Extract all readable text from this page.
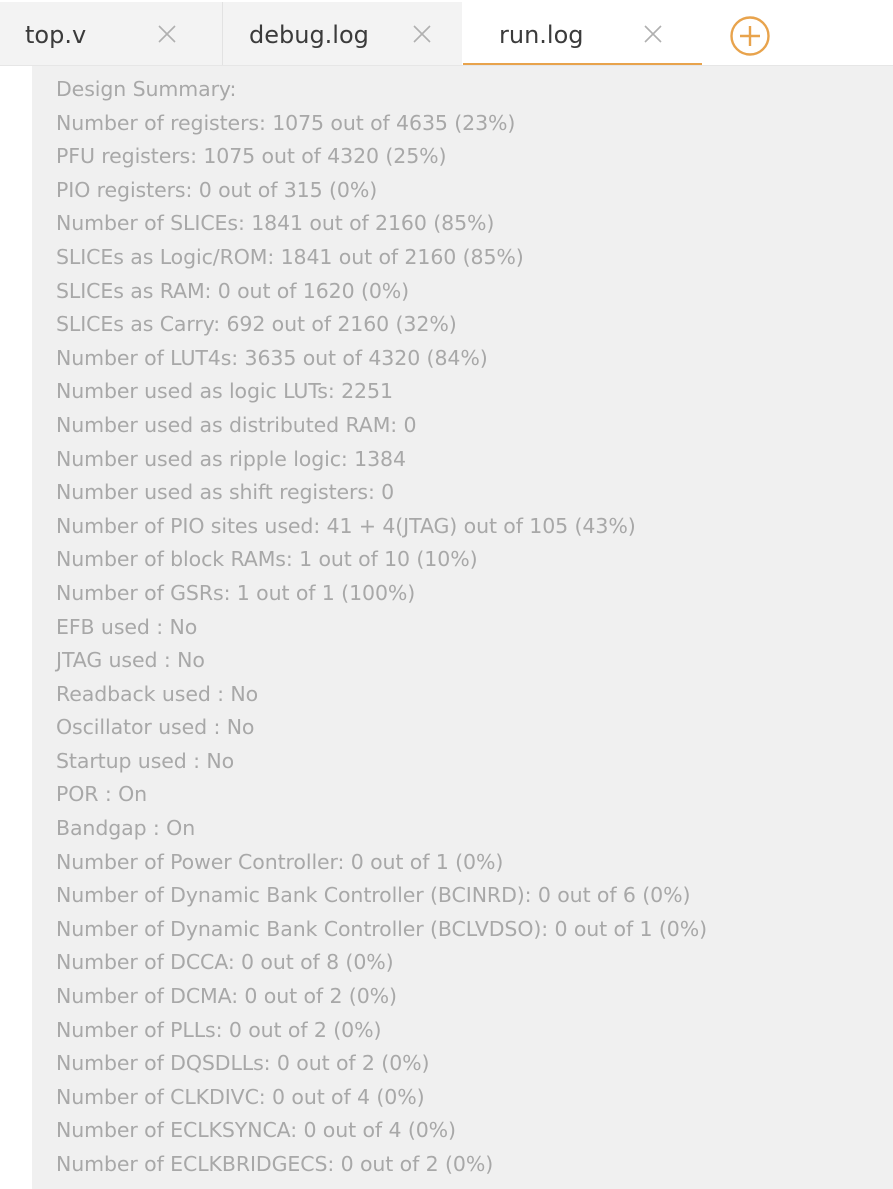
top.v	debug.log	run.log
Design Summary:
Number of registers: 1075 out of 4635 (23%)
PFU registers: 1075 out of 4320 (25%)
PIO registers: 0 out of 315 (0%)
Number of SLICEs: 1841 out of 2160 (85%)
SLICEs as Logic/ROM: 1841 out of 2160 (85%)
SLICEs as RAM: 0 out of 1620 (0%)
SLICEs as Carry: 692 out of 2160 (32%)
Number of LUT4s: 3635 out of 4320 (84%)
Number used as logic LUTs: 2251
Number used as distributed RAM: 0
Number used as ripple logic: 1384
Number used as shift registers: 0
Number of PIO sites used: 41 + 4(JTAG) out of 105 (43%)
Number of block RAMs: 1 out of 10 (10%)
Number of GSRs: 1 out of 1 (100%)
EFB used : No
JTAG used : No
Readback used : No
Oscillator used : No
Startup used : No
POR : On
Bandgap : On
Number of Power Controller: 0 out of 1 (0%)
Number of Dynamic Bank Controller (BCINRD): 0 out of 6 (0%)
Number of Dynamic Bank Controller (BCLVDSO): 0 out of 1 (0%)
Number of DCCA: 0 out of 8 (0%)
Number of DCMA: 0 out of 2 (0%)
Number of PLLs: 0 out of 2 (0%)
Number of DQSDLLs: 0 out of 2 (0%)
Number of CLKDIVC: 0 out of 4 (0%)
Number of ECLKSYNCA: 0 out of 4 (0%)
Number of ECLKBRIDGECS: 0 out of 2 (0%)
